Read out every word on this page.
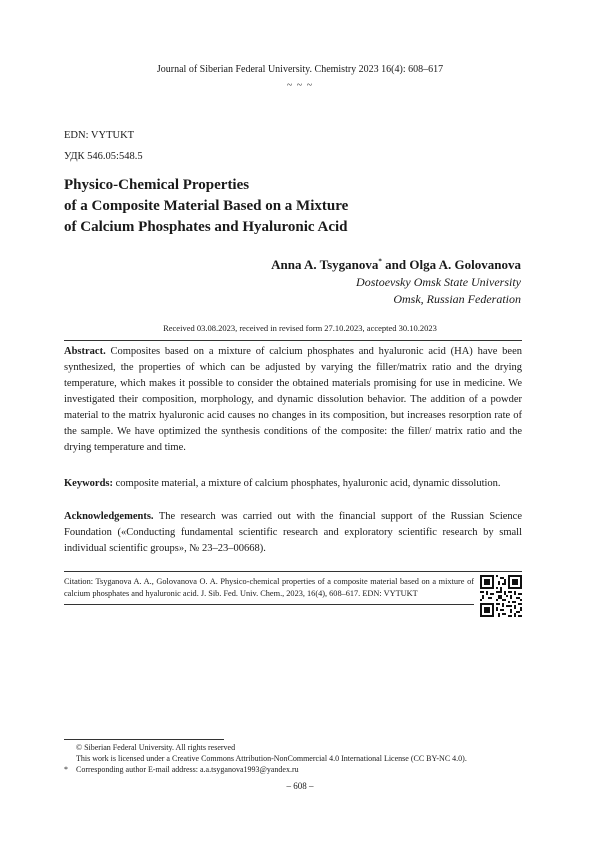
Journal of Siberian Federal University. Chemistry 2023 16(4): 608–617
~ ~ ~
EDN: VYTUKT
УДК 546.05:548.5
Physico-Chemical Properties
of a Composite Material Based on a Mixture
of Calcium Phosphates and Hyaluronic Acid
Anna A. Tsyganova* and Olga A. Golovanova
Dostoevsky Omsk State University
Omsk, Russian Federation
Received 03.08.2023, received in revised form 27.10.2023, accepted 30.10.2023
Abstract. Composites based on a mixture of calcium phosphates and hyaluronic acid (HA) have been synthesized, the properties of which can be adjusted by varying the filler/matrix ratio and the drying temperature, which makes it possible to consider the obtained materials promising for use in medicine. We investigated their composition, morphology, and dynamic dissolution behavior. The addition of a powder material to the matrix hyaluronic acid causes no changes in its composition, but increases resorption rate of the sample. We have optimized the synthesis conditions of the composite: the filler/ matrix ratio and the drying temperature and time.
Keywords: composite material, a mixture of calcium phosphates, hyaluronic acid, dynamic dissolution.
Acknowledgements. The research was carried out with the financial support of the Russian Science Foundation («Conducting fundamental scientific research and exploratory scientific research by small individual scientific groups», № 23–23–00668).
Citation: Tsyganova A. A., Golovanova O. A. Physico-chemical properties of a composite material based on a mixture of calcium phosphates and hyaluronic acid. J. Sib. Fed. Univ. Chem., 2023, 16(4), 608–617. EDN: VYTUKT
© Siberian Federal University. All rights reserved
This work is licensed under a Creative Commons Attribution-NonCommercial 4.0 International License (CC BY-NC 4.0).
* Corresponding author E-mail address: a.a.tsyganova1993@yandex.ru
– 608 –
